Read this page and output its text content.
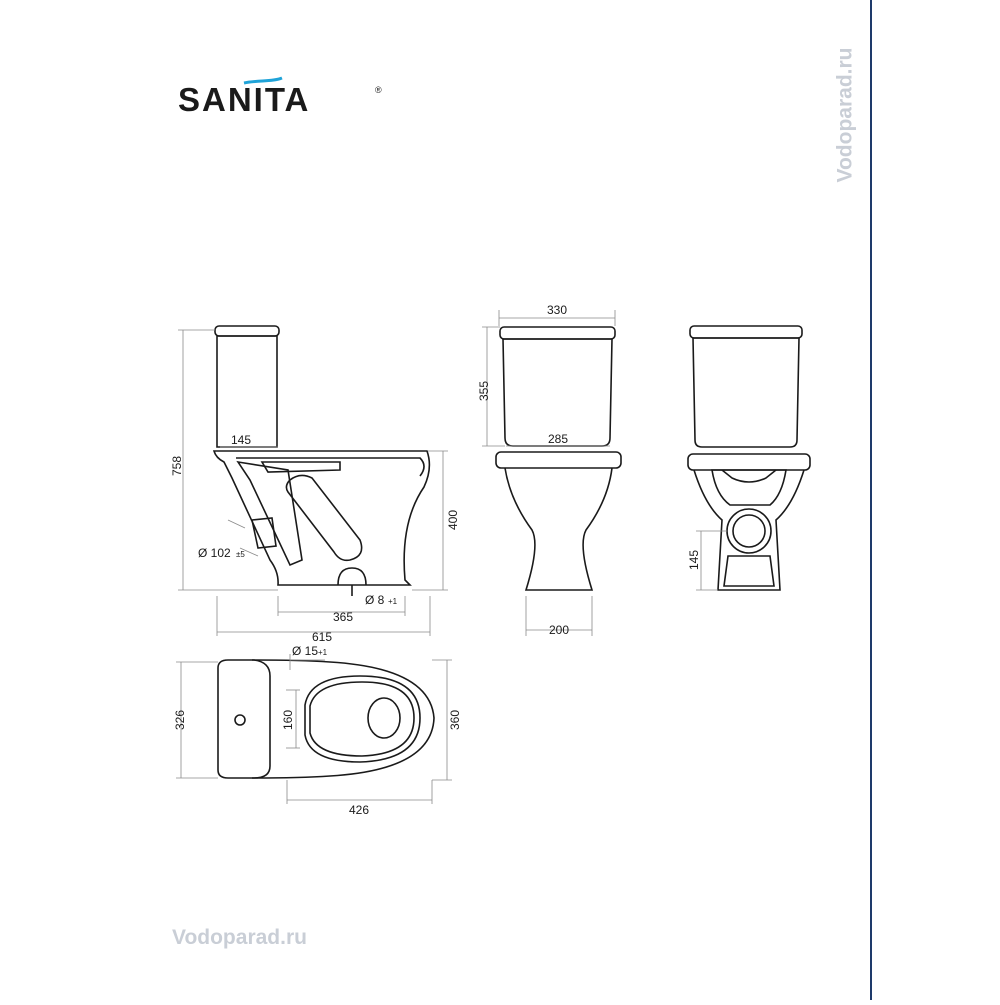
SANITA	®
758
145
400
Ø 102 ±5
Ø 8 +1
365
615
330
355
285
200
145
Ø 15 +1
326	360
160
426
Vodoparad.ru
Vodoparad.ru
